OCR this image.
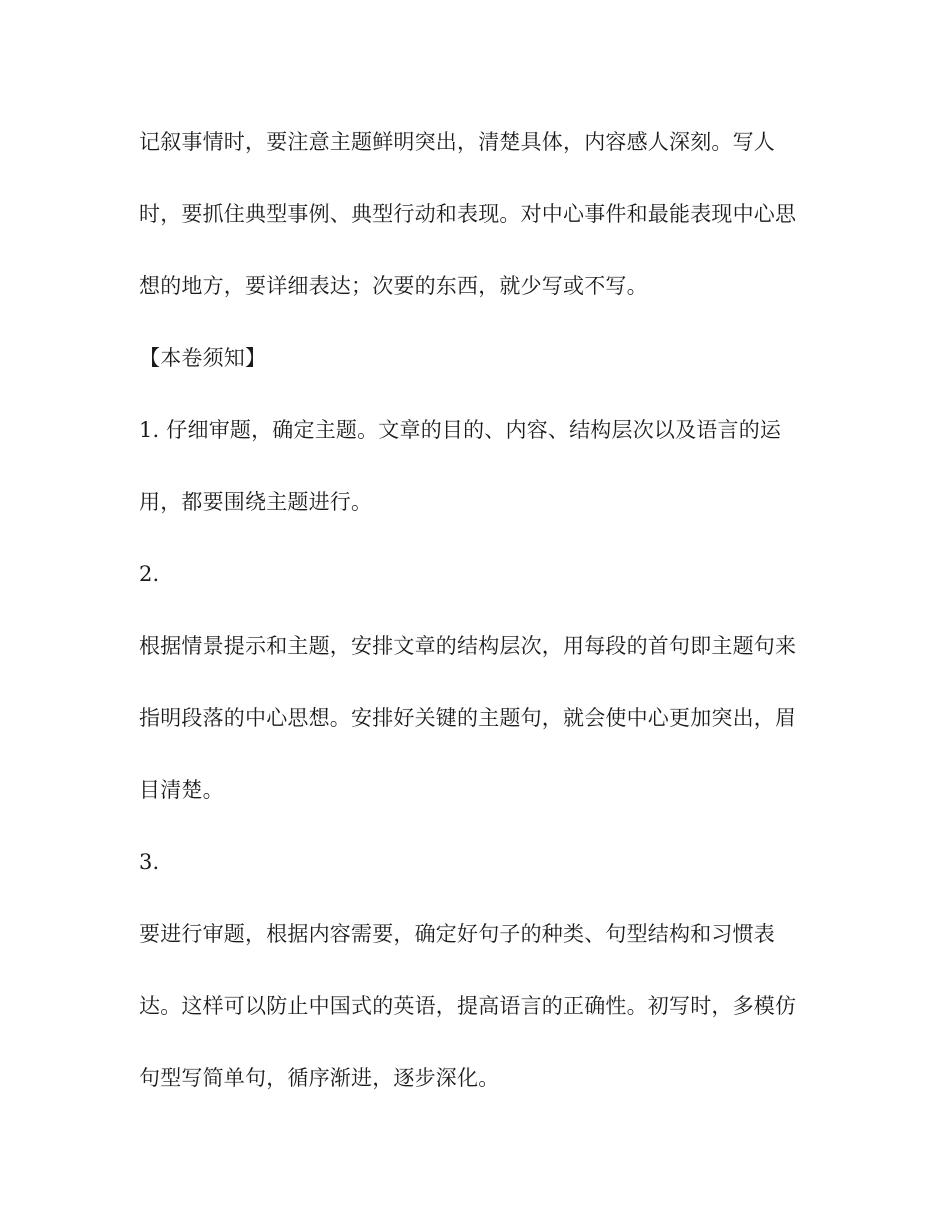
记叙事情时，要注意主题鲜明突出，清楚具体，内容感人深刻。写人
时，要抓住典型事例、典型行动和表现。对中心事件和最能表现中心思
想的地方，要详细表达；次要的东西，就少写或不写。
【本卷须知】
1. 仔细审题，确定主题。文章的目的、内容、结构层次以及语言的运
用，都要围绕主题进行。
2.
根据情景提示和主题，安排文章的结构层次，用每段的首句即主题句来
指明段落的中心思想。安排好关键的主题句，就会使中心更加突出，眉
目清楚。
3.
要进行审题，根据内容需要，确定好句子的种类、句型结构和习惯表
达。这样可以防止中国式的英语，提高语言的正确性。初写时，多模仿
句型写简单句，循序渐进，逐步深化。
